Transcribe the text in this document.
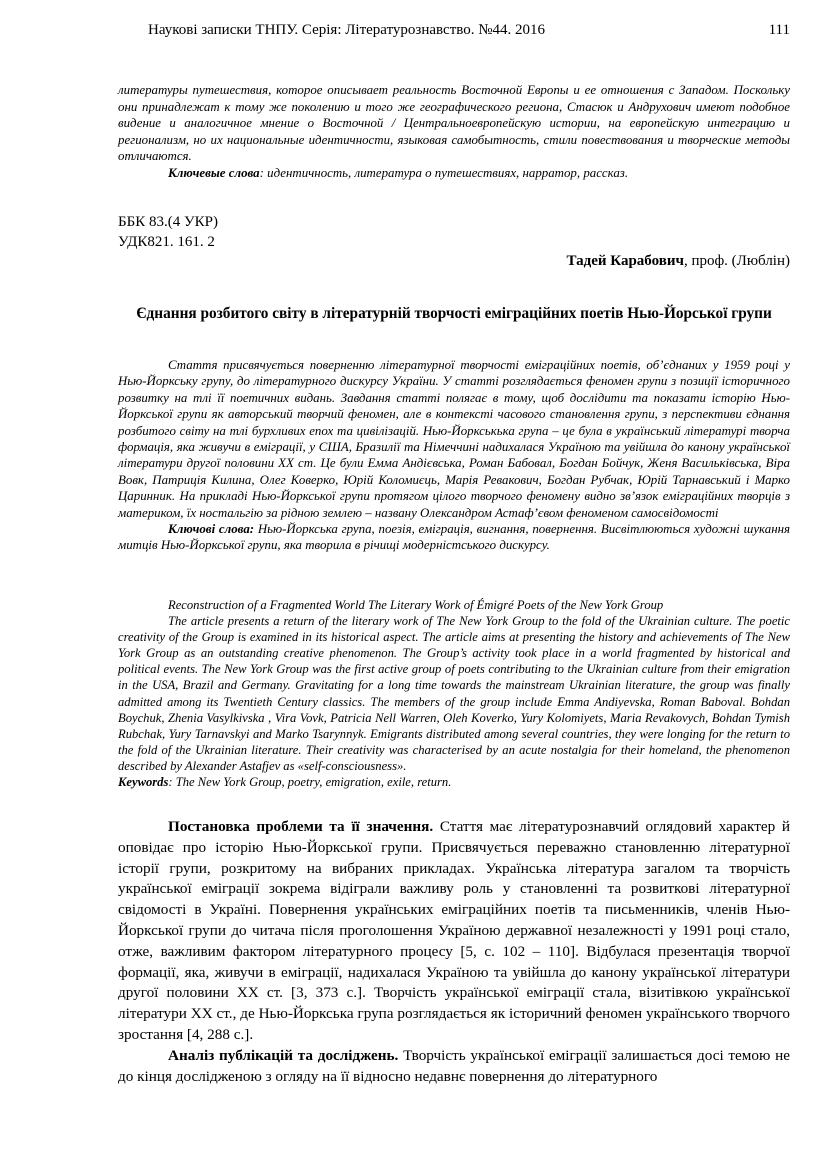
Наукові записки ТНПУ. Серія: Літературознавство. №44. 2016	111

литературы путешествия, которое описывает реальность Восточной Европы и ее отношения с Западом. Поскольку они принадлежат к тому же поколению и того же географического региона, Стасюк и Андрухович имеют подобное видение и аналогичное мнение о Восточной / Центральноевропейскую истории, на европейскую интеграцию и регионализм, но их национальные идентичности, языковая самобытность, стили повествования и творческие методы отличаются.

Ключевые слова: идентичность, литература о путешествиях, нарратор, рассказ.

ББК 83.(4 УКР)
УДК821. 161. 2
Тадей Карабович, проф. (Люблін)
Єднання розбитого світу в літературній творчості еміграційних поетів Нью-Йорської групи

Стаття присвячується поверненню літературної творчості еміграційних поетів, об’єднаних у 1959 році у Нью-Йоркську групу, до літературного дискурсу України. У статті розглядається феномен групи з позиції історичного розвитку на тлі її поетичних видань. Завдання статті полягає в тому, щоб дослідити та показати історію Нью-Йоркської групи як авторський творчий феномен, але в контексті часового становлення групи, з перспективи єднання розбитого світу на тлі бурхливих епох та цивілізацій. Нью-Йоркськька група – це була в український літературі творча формація, яка живучи в еміграції, у США, Бразилії та Німеччині надихалася Україною та увійшла до канону української літератури другої половини ХХ ст. Це були Емма Андієвська, Роман Бабовал, Богдан Бойчук, Женя Васильківська, Віра Вовк, Патриція Килина, Олег Коверко, Юрій Коломиєць, Марія Ревакович, Богдан Рубчак, Юрій Тарнавський і Марко Царинник. На прикладі Нью-Йоркської групи протягом цілого творчого феномену видно зв’язок еміграційних творців з материком, їх ностальгію за рідною землею – названу Олександром Астаф’євом феноменом самосвідомості

Ключові слова: Нью-Йоркська група, поезія, еміграція, вигнання, повернення. Висвітлюються художні шукання митців Нью-Йоркської групи, яка творила в річищі модерністського дискурсу.

Reconstruction of a Fragmented World The Literary Work of Émigré Poets of the New York Group

The article presents a return of the literary work of The New York Group to the fold of the Ukrainian culture. The poetic creativity of the Group is examined in its historical aspect. The article aims at presenting the history and achievements of The New York Group as an outstanding creative phenomenon. The Group’s activity took place in a world fragmented by historical and political events. The New York Group was the first active group of poets contributing to the Ukrainian culture from their emigration in the USA, Brazil and Germany. Gravitating for a long time towards the mainstream Ukrainian literature, the group was finally admitted among its Twentieth Century classics. The members of the group include Emma Andiyevska, Roman Baboval. Bohdan Boychuk, Zhenia Vasylkivska , Vira Vovk, Patricia Nell Warren, Oleh Koverko, Yury Kolomiyets, Maria Revakovych, Bohdan Tymish Rubchak, Yury Tarnavskyi and Marko Tsarynnyk. Emigrants distributed among several countries, they were longing for the return to the fold of the Ukrainian literature. Their creativity was characterised by an acute nostalgia for their homeland, the phenomenon described by Alexander Astafjev as «self-consciousness».

Keywords: The New York Group, poetry, emigration, exile, return.

Постановка проблеми та її значення. Стаття має літературознавчий оглядовий характер й оповідає про історію Нью-Йоркської групи. Присвячується переважно становленню літературної історії групи, розкритому на вибраних прикладах. Українська література загалом та творчість української еміграції зокрема відіграли важливу роль у становленні та розвиткові літературної свідомості в Україні. Повернення українських еміграційних поетів та письменників, членів Нью-Йоркської групи до читача після проголошення Україною державної незалежності у 1991 році стало, отже, важливим фактором літературного процесу [5, с. 102 – 110]. Відбулася презентація творчої формації, яка, живучи в еміграції, надихалася Україною та увійшла до канону української літератури другої половини ХХ ст. [3, 373 с.]. Творчість української еміграції стала, візитівкою української літератури ХХ ст., де Нью-Йоркська група розглядається як історичний феномен українського творчого зростання [4, 288 с.].

Аналіз публікацій та досліджень. Творчість української еміграції залишається досі темою не до кінця дослідженою з огляду на її відносно недавнє повернення до літературного
